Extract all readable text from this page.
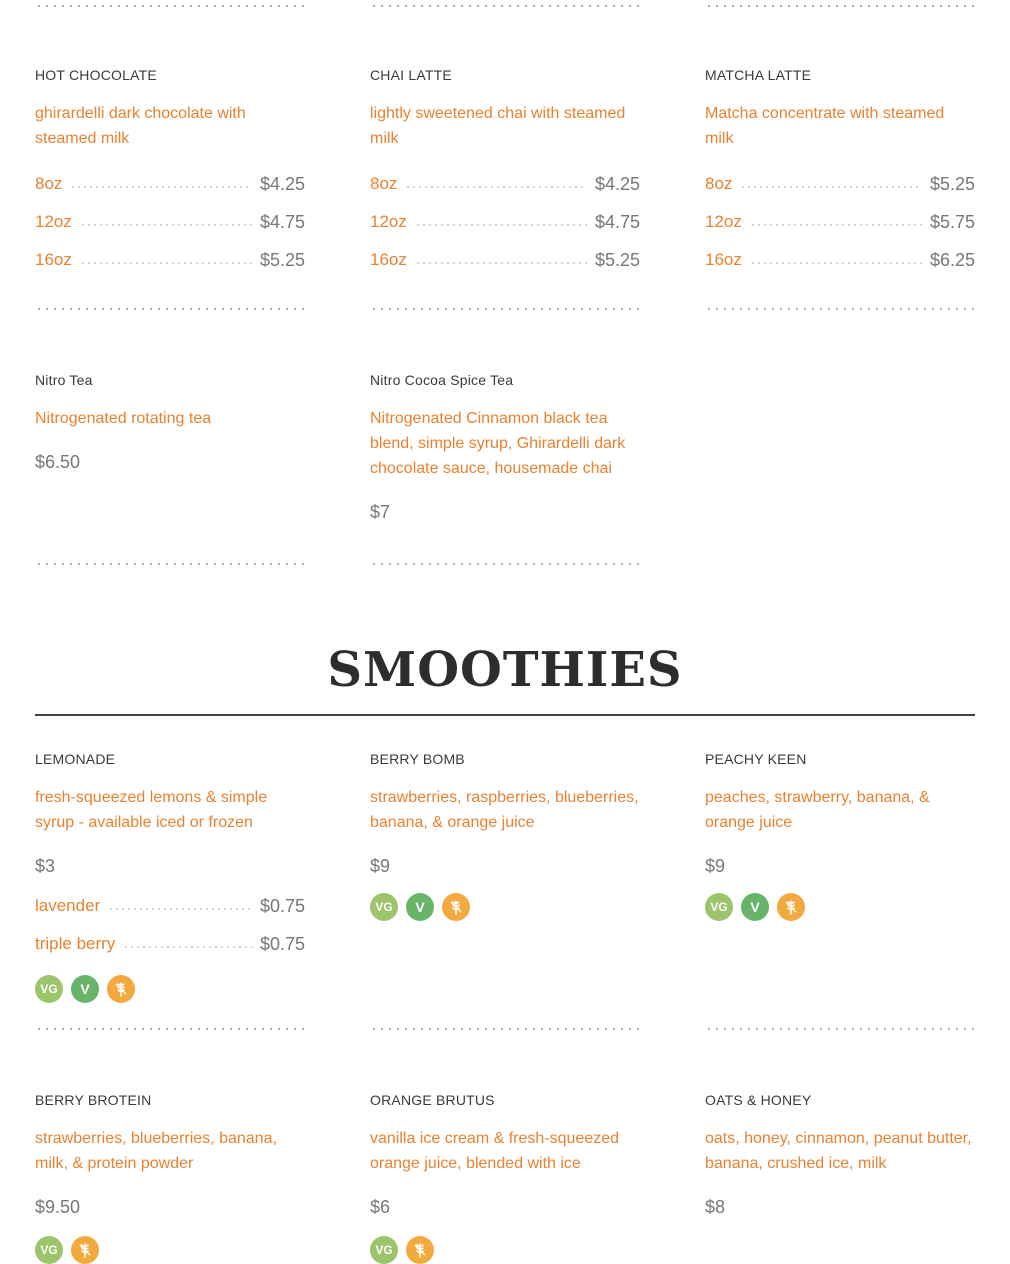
HOT CHOCOLATE
ghirardelli dark chocolate with steamed milk
8oz	$4.25
12oz	$4.75
16oz	$5.25
CHAI LATTE
lightly sweetened chai with steamed milk
8oz	$4.25
12oz	$4.75
16oz	$5.25
MATCHA LATTE
Matcha concentrate with steamed milk
8oz	$5.25
12oz	$5.75
16oz	$6.25
Nitro Tea
Nitrogenated rotating tea
$6.50
Nitro Cocoa Spice Tea
Nitrogenated Cinnamon black tea blend, simple syrup, Ghirardelli dark chocolate sauce, housemade chai
$7
SMOOTHIES
LEMONADE
fresh-squeezed lemons & simple syrup - available iced or frozen
$3
lavender	$0.75
triple berry	$0.75
VG	V
BERRY BOMB
strawberries, raspberries, blueberries, banana, & orange juice
$9
VG	V
PEACHY KEEN
peaches, strawberry, banana, & orange juice
$9
VG	V
BERRY BROTEIN
strawberries, blueberries, banana, milk, & protein powder
$9.50
VG
ORANGE BRUTUS
vanilla ice cream & fresh-squeezed orange juice, blended with ice
$6
VG
OATS & HONEY
oats, honey, cinnamon, peanut butter, banana, crushed ice, milk
$8
